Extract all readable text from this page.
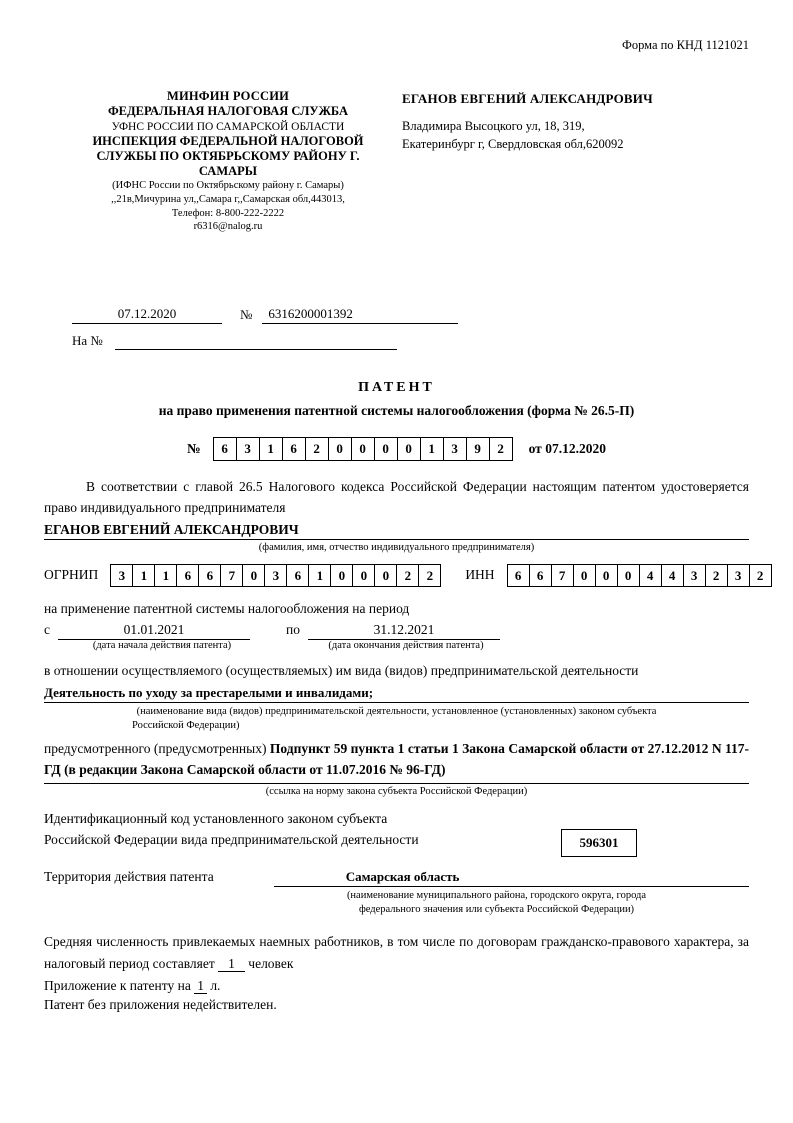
Форма по КНД 1121021
МИНФИН РОССИИ
ФЕДЕРАЛЬНАЯ НАЛОГОВАЯ СЛУЖБА
УФНС РОССИИ ПО САМАРСКОЙ ОБЛАСТИ
ИНСПЕКЦИЯ ФЕДЕРАЛЬНОЙ НАЛОГОВОЙ
СЛУЖБЫ ПО ОКТЯБРЬСКОМУ РАЙОНУ Г. САМАРЫ
(ИФНС России по Октябрьскому району г. Самары)
,,21в,Мичурина ул,,Самара г,,Самарская обл,443013,
Телефон: 8-800-222-2222
r6316@nalog.ru
ЕГАНОВ ЕВГЕНИЙ АЛЕКСАНДРОВИЧ
Владимира Высоцкого ул, 18, 319,
Екатеринбург г, Свердловская обл,620092
07.12.2020	№	6316200001392
На №
ПАТЕНТ
на право применения патентной системы налогообложения (форма № 26.5-П)
№	6	3	1	6	2	0	0	0	0	1	3	9	2	от 07.12.2020
В соответствии с главой 26.5 Налогового кодекса Российской Федерации настоящим патентом удостоверяется право индивидуального предпринимателя
ЕГАНОВ ЕВГЕНИЙ АЛЕКСАНДРОВИЧ
(фамилия, имя, отчество индивидуального предпринимателя)
ОГРНИП	3	1	1	6	6	7	0	3	6	1	0	0	0	2	2	ИНН	6	6	7	0	0	0	4	4	3	2	3	2
на применение патентной системы налогообложения на период
с	01.01.2021	по	31.12.2021
(дата начала действия патента)	(дата окончания действия патента)
в отношении осуществляемого (осуществляемых) им вида (видов) предпринимательской деятельности
Деятельность по уходу за престарелыми и инвалидами;
(наименование вида (видов) предпринимательской деятельности, установленное (установленных) законом субъекта
Российской Федерации)
предусмотренного (предусмотренных) Подпункт 59 пункта 1 статьи 1 Закона Самарской области от 27.12.2012 N 117-ГД (в редакции Закона Самарской области от 11.07.2016 № 96-ГД)
(ссылка на норму закона субъекта Российской Федерации)
Идентификационный код установленного законом субъекта
Российской Федерации вида предпринимательской деятельности	596301
Территория действия патента	Самарская область
(наименование муниципального района, городского округа, города
федерального значения или субъекта Российской Федерации)
Средняя численность привлекаемых наемных работников, в том числе по договорам гражданско-правового характера, за налоговый период составляет 1 человек
Приложение к патенту на 1 л.
Патент без приложения недействителен.
